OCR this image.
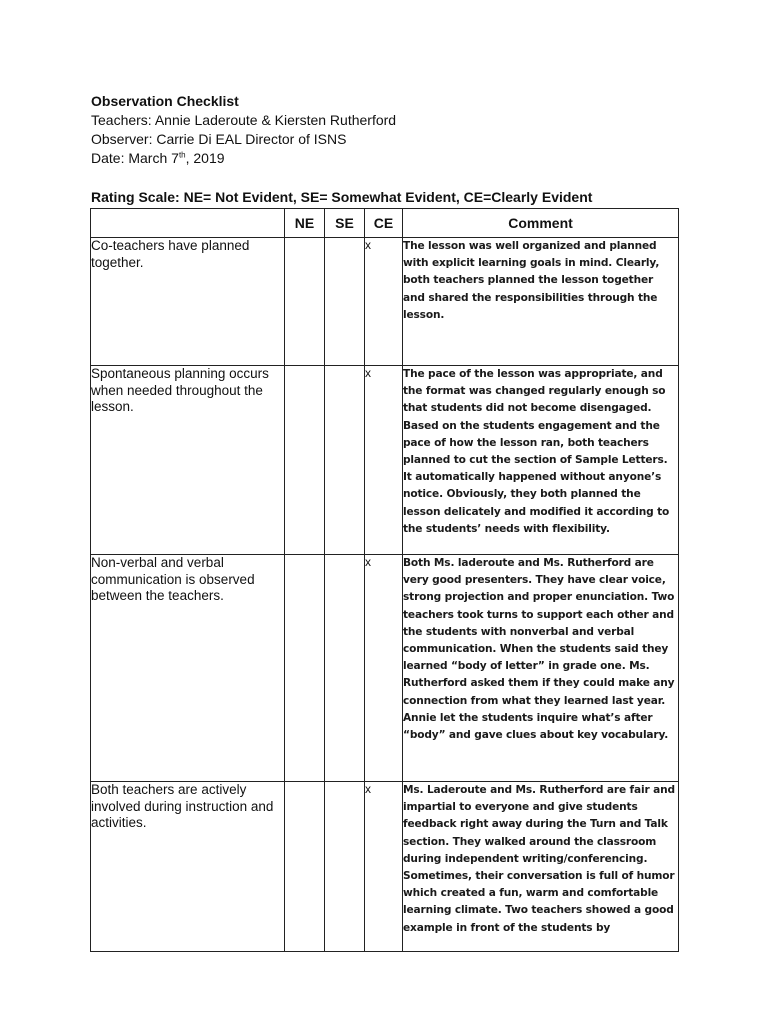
Observation Checklist

Teachers: Annie Laderoute & Kiersten Rutherford

Observer: Carrie Di EAL Director of ISNS

Date: March 7th, 2019

Rating Scale: NE= Not Evident, SE= Somewhat Evident, CE=Clearly Evident
	NE	SE	CE	Comment
Co-teachers have planned together.			x	The lesson was well organized and planned with explicit learning goals in mind. Clearly, both teachers planned the lesson together and shared the responsibilities through the lesson.
Spontaneous planning occurs when needed throughout the lesson.			x	The pace of the lesson was appropriate, and the format was changed regularly enough so that students did not become disengaged. Based on the students engagement and the pace of how the lesson ran, both teachers planned to cut the section of Sample Letters. It automatically happened without anyone’s notice. Obviously, they both planned the lesson delicately and modified it according to the students’ needs with flexibility.
Non-verbal and verbal communication is observed between the teachers.			x	Both Ms. laderoute and Ms. Rutherford are very good presenters. They have clear voice, strong projection and proper enunciation. Two teachers took turns to support each other and the students with nonverbal and verbal communication. When the students said they learned “body of letter” in grade one. Ms. Rutherford asked them if they could make any connection from what they learned last year. Annie let the students inquire what’s after “body” and gave clues about key vocabulary.
Both teachers are actively involved during instruction and activities.			x	Ms. Laderoute and Ms. Rutherford are fair and impartial to everyone and give students feedback right away during the Turn and Talk section. They walked around the classroom during independent writing/conferencing. Sometimes, their conversation is full of humor which created a fun, warm and comfortable learning climate. Two teachers showed a good example in front of the students by
